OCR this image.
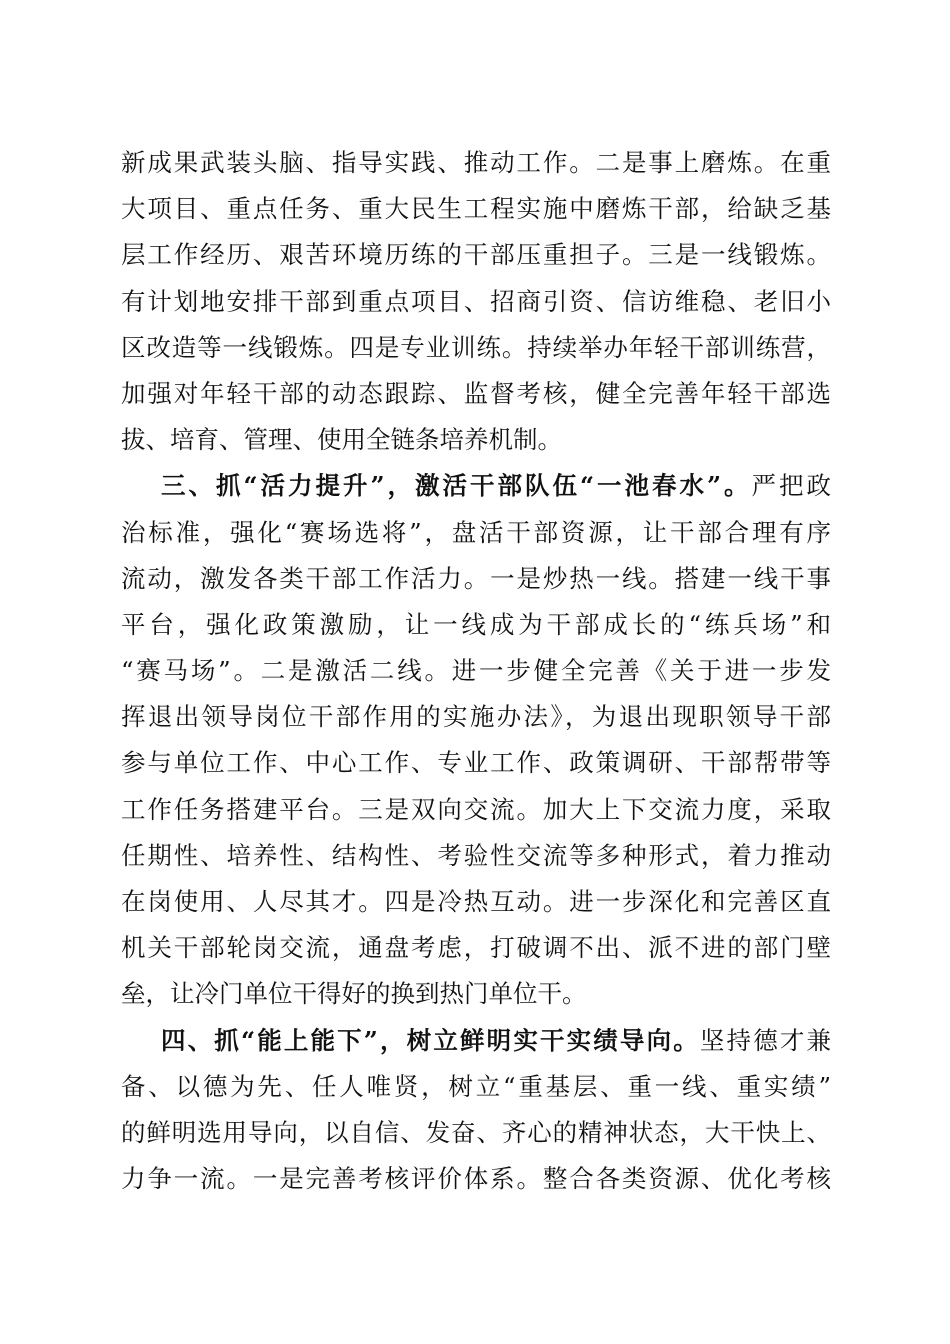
新成果武装头脑、指导实践、推动工作。二是事上磨炼。在重
大项目、重点任务、重大民生工程实施中磨炼干部，给缺乏基
层工作经历、艰苦环境历练的干部压重担子。三是一线锻炼。
有计划地安排干部到重点项目、招商引资、信访维稳、老旧小
区改造等一线锻炼。四是专业训练。持续举办年轻干部训练营，
加强对年轻干部的动态跟踪、监督考核，健全完善年轻干部选
拔、培育、管理、使用全链条培养机制。
三、抓“活力提升”，激活干部队伍“一池春水”。严把政
治标准，强化“赛场选将”，盘活干部资源，让干部合理有序
流动，激发各类干部工作活力。一是炒热一线。搭建一线干事
平台，强化政策激励，让一线成为干部成长的“练兵场”和
“赛马场”。二是激活二线。进一步健全完善《关于进一步发
挥退出领导岗位干部作用的实施办法》，为退出现职领导干部
参与单位工作、中心工作、专业工作、政策调研、干部帮带等
工作任务搭建平台。三是双向交流。加大上下交流力度，采取
任期性、培养性、结构性、考验性交流等多种形式，着力推动
在岗使用、人尽其才。四是冷热互动。进一步深化和完善区直
机关干部轮岗交流，通盘考虑，打破调不出、派不进的部门壁
垒，让冷门单位干得好的换到热门单位干。
四、抓“能上能下”，树立鲜明实干实绩导向。坚持德才兼
备、以德为先、任人唯贤，树立“重基层、重一线、重实绩”
的鲜明选用导向，以自信、发奋、齐心的精神状态，大干快上、
力争一流。一是完善考核评价体系。整合各类资源、优化考核
